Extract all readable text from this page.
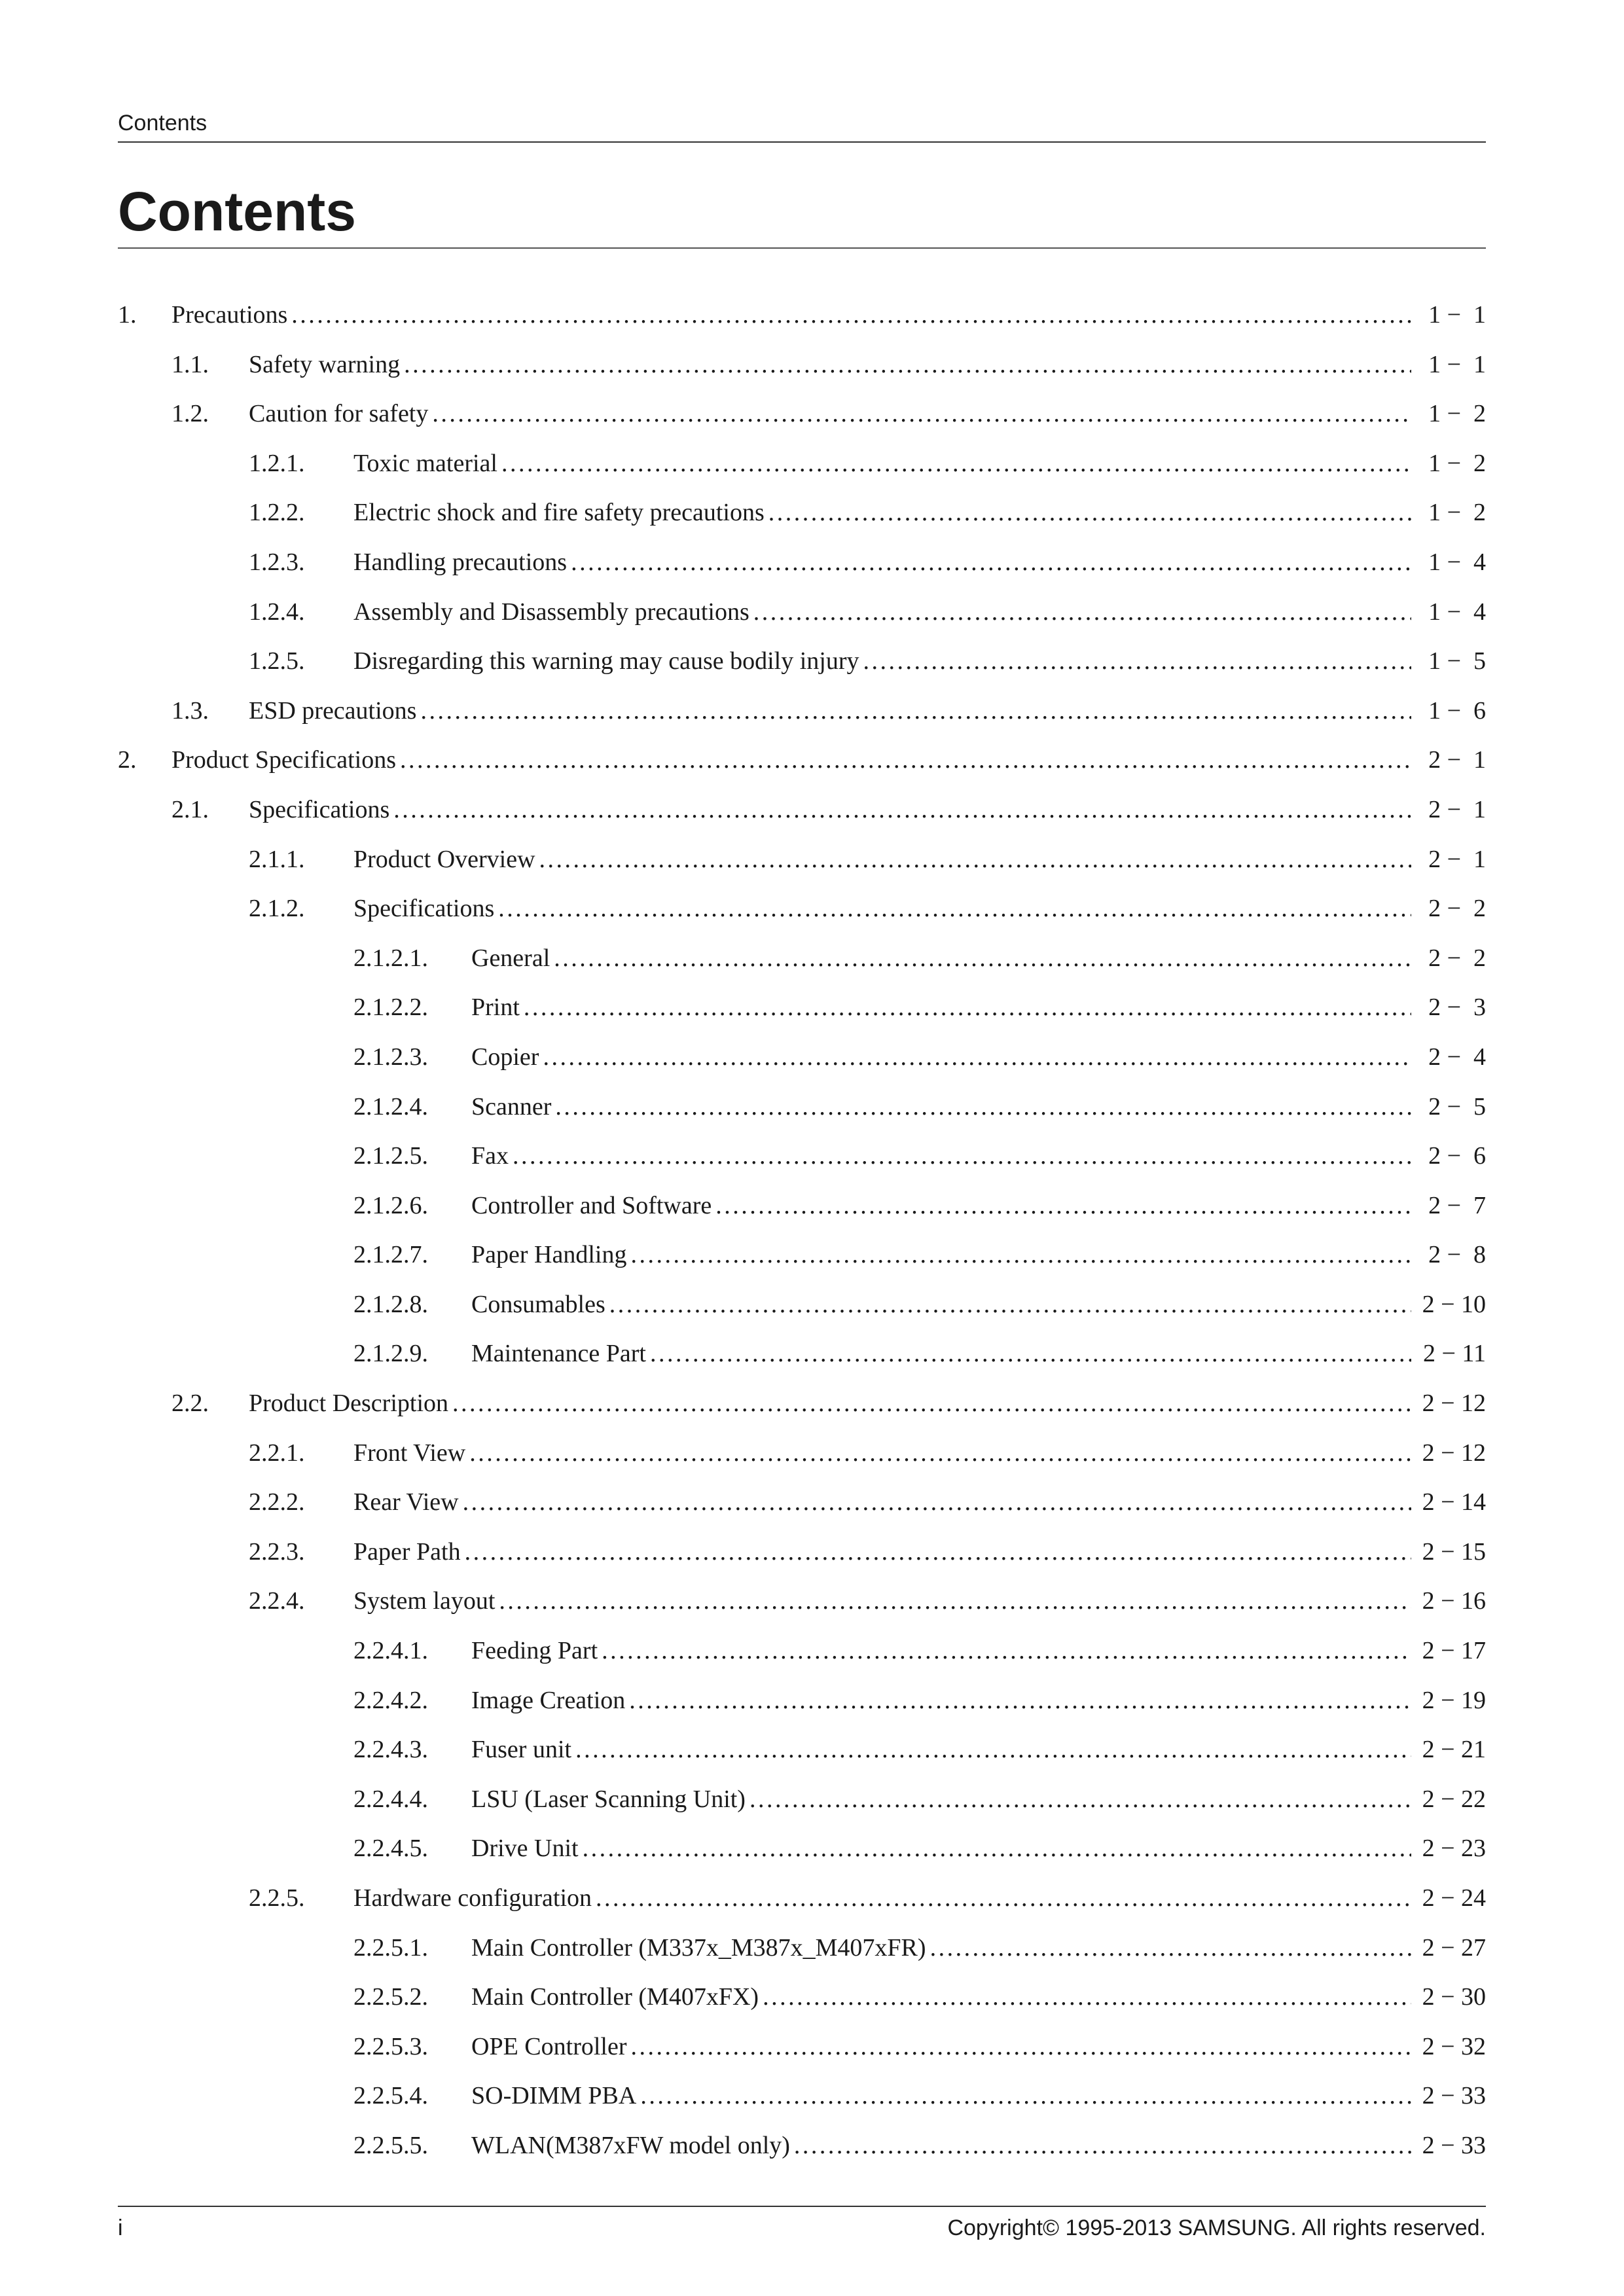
Contents
Contents
1. Precautions . . .	1 −  1
1.1. Safety warning . . .	1 −  1
1.2. Caution for safety . . .	1 −  2
1.2.1. Toxic material . . .	1 −  2
1.2.2. Electric shock and fire safety precautions . . .	1 −  2
1.2.3. Handling precautions . . .	1 −  4
1.2.4. Assembly and Disassembly precautions . . .	1 −  4
1.2.5. Disregarding this warning may cause bodily injury . . .	1 −  5
1.3. ESD precautions . . .	1 −  6
2. Product Specifications . . .	2 −  1
2.1. Specifications . . .	2 −  1
2.1.1. Product Overview . . .	2 −  1
2.1.2. Specifications . . .	2 −  2
2.1.2.1. General . . .	2 −  2
2.1.2.2. Print . . .	2 −  3
2.1.2.3. Copier . . .	2 −  4
2.1.2.4. Scanner . . .	2 −  5
2.1.2.5. Fax . . .	2 −  6
2.1.2.6. Controller and Software . . .	2 −  7
2.1.2.7. Paper Handling . . .	2 −  8
2.1.2.8. Consumables . . .	2 − 10
2.1.2.9. Maintenance Part . . .	2 − 11
2.2. Product Description . . .	2 − 12
2.2.1. Front View . . .	2 − 12
2.2.2. Rear View . . .	2 − 14
2.2.3. Paper Path . . .	2 − 15
2.2.4. System layout . . .	2 − 16
2.2.4.1. Feeding Part . . .	2 − 17
2.2.4.2. Image Creation . . .	2 − 19
2.2.4.3. Fuser unit . . .	2 − 21
2.2.4.4. LSU (Laser Scanning Unit) . . .	2 − 22
2.2.4.5. Drive Unit . . .	2 − 23
2.2.5. Hardware configuration . . .	2 − 24
2.2.5.1. Main Controller (M337x_M387x_M407xFR) . . .	2 − 27
2.2.5.2. Main Controller (M407xFX) . . .	2 − 30
2.2.5.3. OPE Controller . . .	2 − 32
2.2.5.4. SO-DIMM PBA . . .	2 − 33
2.2.5.5. WLAN(M387xFW model only) . . .	2 − 33
i	Copyright© 1995-2013 SAMSUNG. All rights reserved.
